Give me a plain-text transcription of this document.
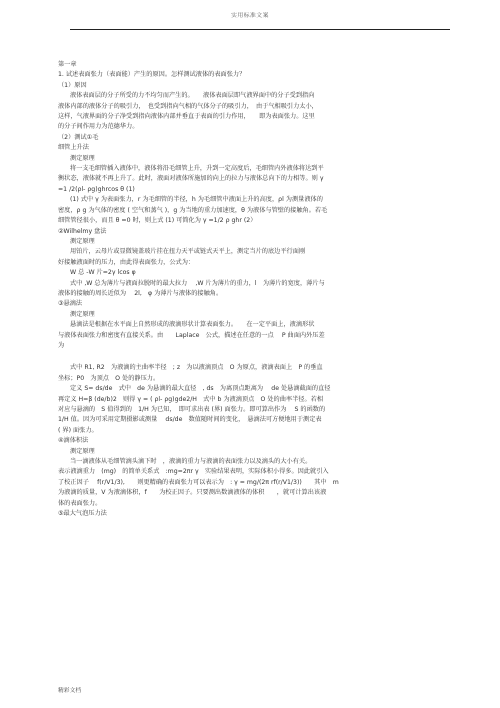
实用标准文案

第一章

1. 试述表面张力（表面能）产生的原因。怎样测试液体的表面张力？

（1）原因

液体表面层的分子所受的力不均匀而产生的。　　液体表面层即气液界面中的分子受到指向

液体内部的液体分子的吸引力，　也受到指向气相的气体分子的吸引力，　由于气相吸引力太小，

这样，气液界面的分子净受到指向液体内部并垂直于表面的引力作用，　　即为表面张力。这里

的分子间作用力为范德华力。

（2）测试①毛

细管上升法

测定原理

将一支毛细管插入液体中，液体将沿毛细管上升，升到一定高度后，毛细管内外液体将达到平

衡状态，液体就不再上升了。此时，液面对液体所施加的向上的拉力与液体总向下的力相等。则 γ

=1 /2(ρl- ρg)ghrcos θ (1)

(1) 式中 γ 为表面张力，r 为毛细管的半径，h 为毛细管中液面上升的高度，ρl 为测量液体的

密度，ρ g 为气体的密度 ( 空气和蒸气 )，g 为当地的重力加速度，θ 为液体与管壁的接触角。若毛

细管管径很小，而且 θ =0 时，则上式 (1) 可简化为 γ =1/2 ρ ghr (2）

②Wilhelmy 盘法

测定原理

用铂片，云母片或显微镜盖玻片挂在扭力天平或链式天平上，测定当片的底边平行面刚

好接触液面时的压力，由此得表面张力，公式为：

W 总 -W 片=2γ lcos φ

式中 ,W 总为薄片与液面拉脱时的最大拉力　 ,W 片为薄片的重力，l　为薄片的宽度，薄片与

液体的接触的周长近似为　 2l,　φ 为薄片与液体的接触角。

③悬滴法

测定原理

悬滴法是根据在水平面上自然形成的液滴形状计算表面张力。　　在一定平面上，液滴形状

与液体表面张力和密度有直接关系。由　　Laplace　公式，描述在任意的一点　 P 曲面内外压差

为

式中 R1, R2　为液滴的主曲率半径　; z　为以液滴顶点　O 为原点，液滴表面上　P 的垂直

坐标；P0　为顶点　O 处的静压力。

定义 S= ds/de　式中　de 为悬滴的最大直径　, ds　为离顶点距离为　 de 处悬滴截面的直径

再定义 H=β (de/b)2　则得 γ = ( ρl- ρg)gde2/H　式中 b 为液滴顶点　O 处的曲率半径。若相

对应与悬滴的　S 值得到的　1/H 为已知，　即可求出表 (界) 面张力。即可算出作为　 S 的函数的

1/H 值。因为可采用定期摄影或测量　 ds/de　数值随时间的变化，　悬滴法可方便地用于测定表

( 界) 面张力。

④滴体积法

测定原理

当一滴液体从毛细管滴头滴下时　，液滴的重力与液滴的表面张力以及滴头的大小有关。

表示液滴重力　(mg)　的简单关系式　:mg=2πr γ　实验结果表明，实际体积小得多。因此就引入

了校正因子　 f(r/V1/3),　　则更精确的表面张力可以表示为　: γ = mg/(2π rf(r/V1/3))　　其中　m

为液滴的质量，V 为液滴体积，f　　为校正因子。只要测出数滴液体的体积　　，就可计算出该液

体的表面张力。

⑤最大气泡压力法

精彩文档
